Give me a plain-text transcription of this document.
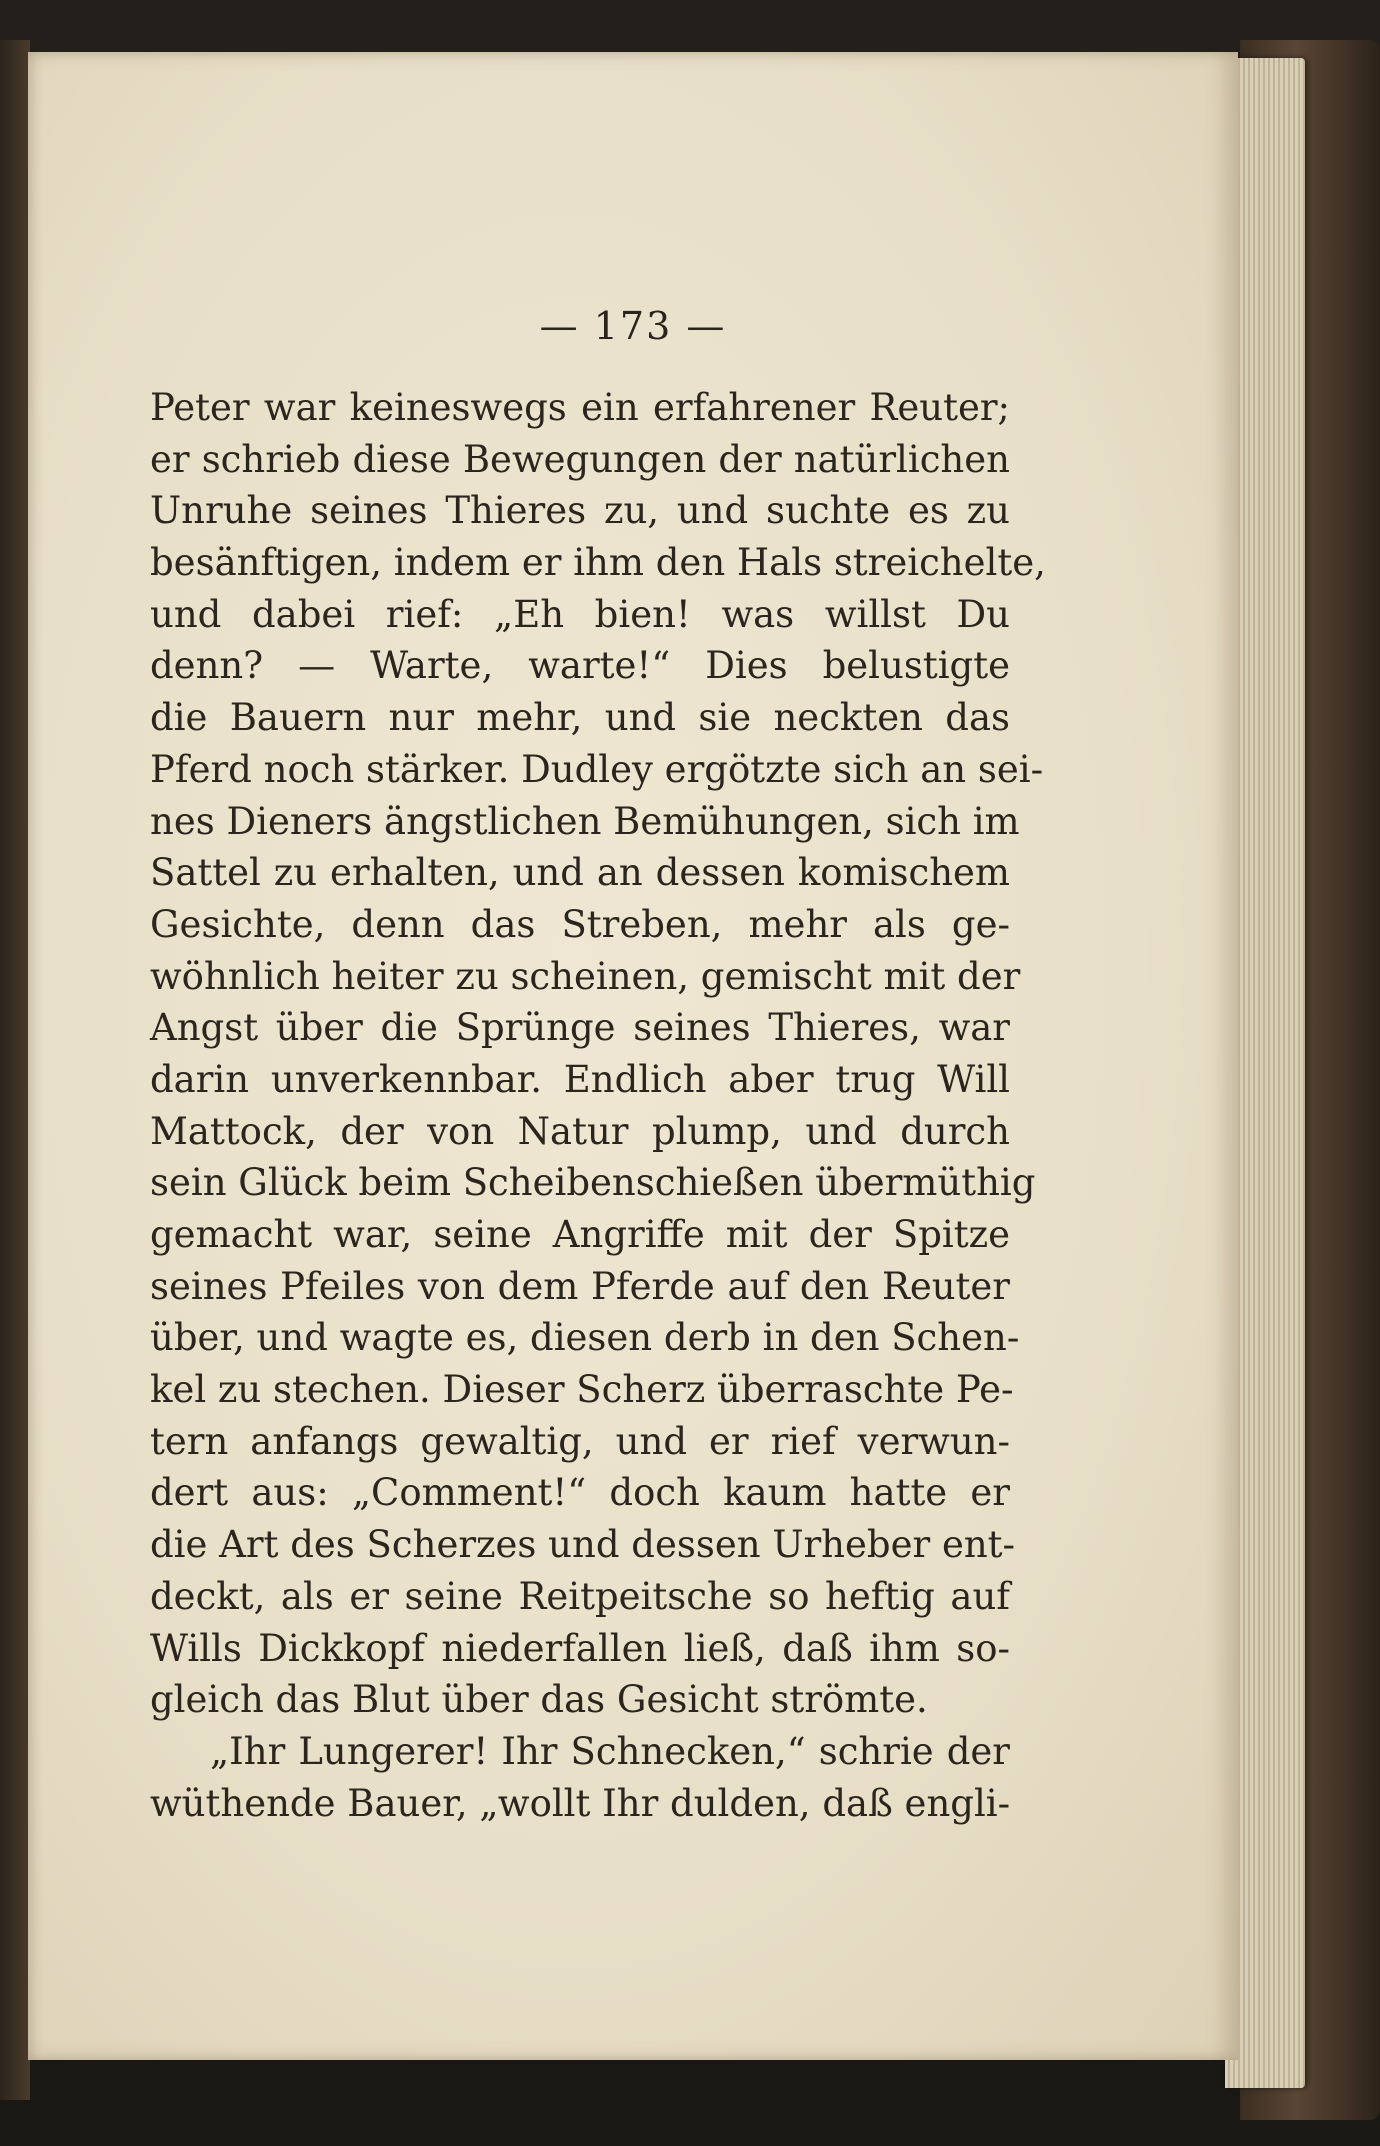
— 173 —
Peter war keineswegs ein erfahrener Reuter;
er schrieb diese Bewegungen der natürlichen
Unruhe seines Thieres zu, und suchte es zu
besänftigen, indem er ihm den Hals streichelte,
und dabei rief: „Eh bien! was willst Du
denn? — Warte, warte!“ Dies belustigte
die Bauern nur mehr, und sie neckten das
Pferd noch stärker. Dudley ergötzte sich an sei-
nes Dieners ängstlichen Bemühungen, sich im
Sattel zu erhalten, und an dessen komischem
Gesichte, denn das Streben, mehr als ge-
wöhnlich heiter zu scheinen, gemischt mit der
Angst über die Sprünge seines Thieres, war
darin unverkennbar. Endlich aber trug Will
Mattock, der von Natur plump, und durch
sein Glück beim Scheibenschießen übermüthig
gemacht war, seine Angriffe mit der Spitze
seines Pfeiles von dem Pferde auf den Reuter
über, und wagte es, diesen derb in den Schen-
kel zu stechen. Dieser Scherz überraschte Pe-
tern anfangs gewaltig, und er rief verwun-
dert aus: „Comment!“ doch kaum hatte er
die Art des Scherzes und dessen Urheber ent-
deckt, als er seine Reitpeitsche so heftig auf
Wills Dickkopf niederfallen ließ, daß ihm so-
gleich das Blut über das Gesicht strömte.
„Ihr Lungerer! Ihr Schnecken,“ schrie der
wüthende Bauer, „wollt Ihr dulden, daß engli-
